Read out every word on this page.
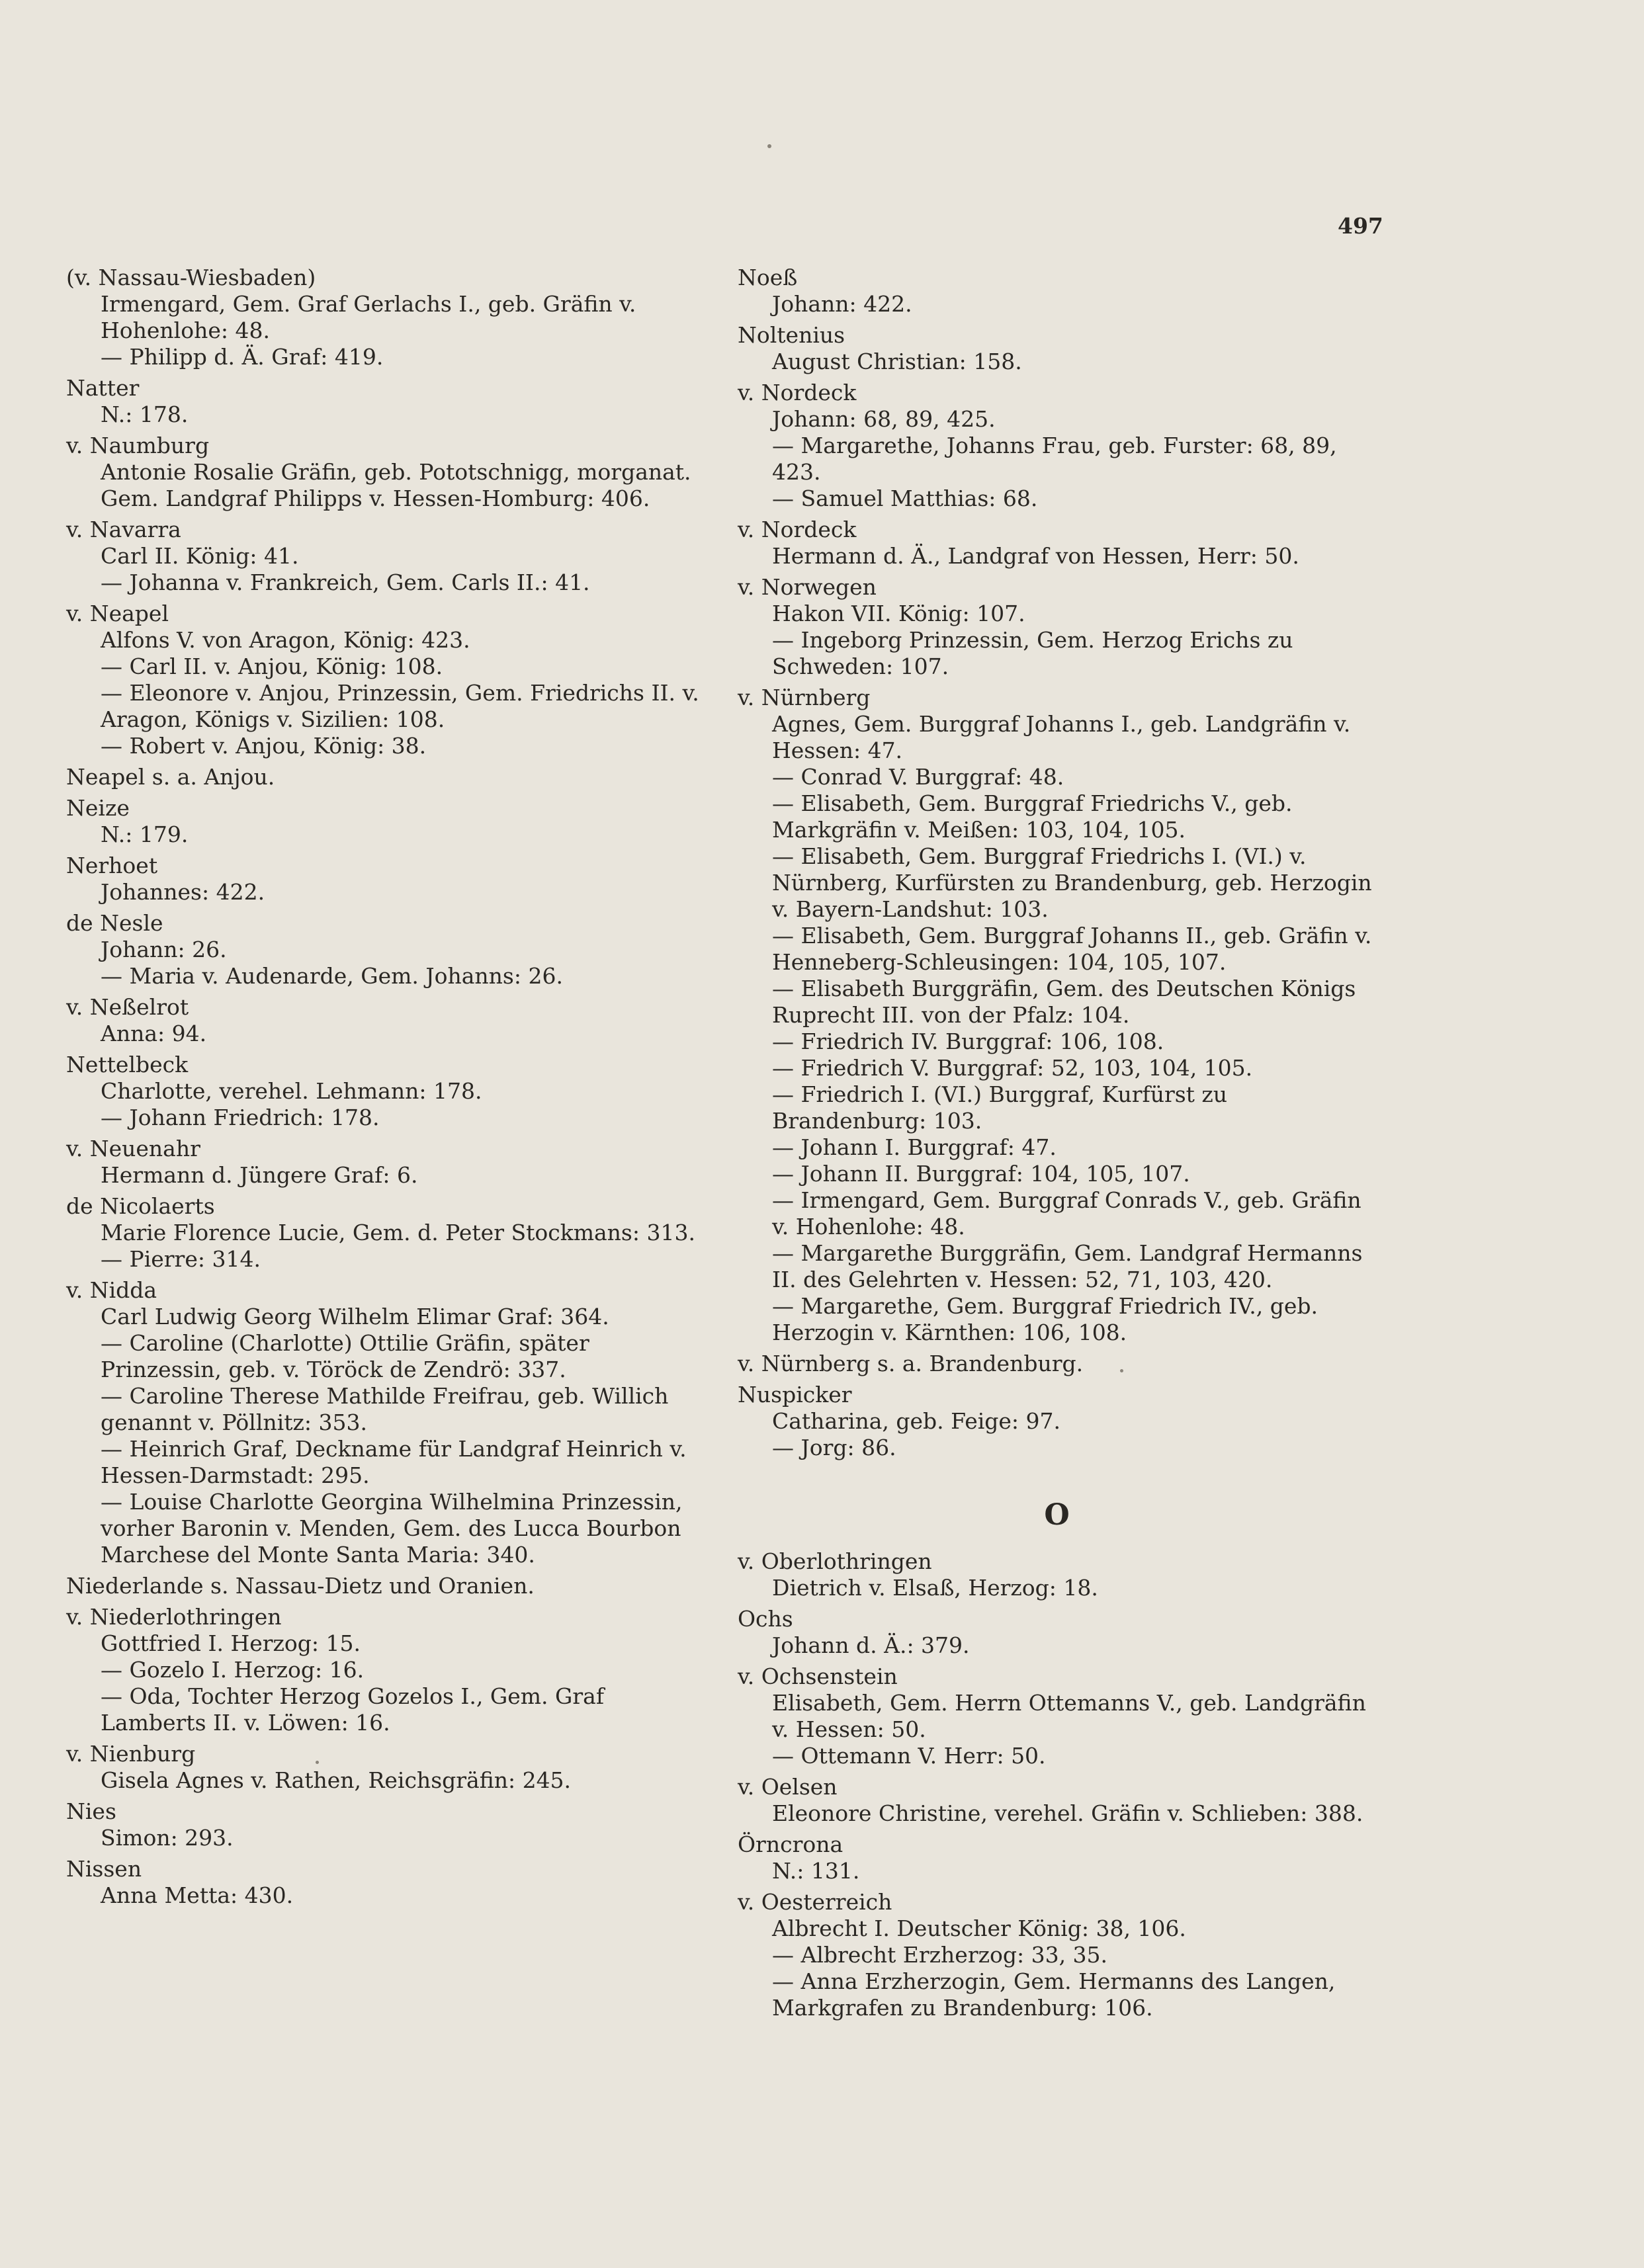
497
(v. Nassau-Wiesbaden)
Irmengard, Gem. Graf Gerlachs I., geb. Gräfin v. Hohenlohe: 48.
— Philipp d. Ä. Graf: 419.
Natter
N.: 178.
v. Naumburg
Antonie Rosalie Gräfin, geb. Pototschnigg, morganat. Gem. Landgraf Philipps v. Hessen-Homburg: 406.
v. Navarra
Carl II. König: 41.
— Johanna v. Frankreich, Gem. Carls II.: 41.
v. Neapel
Alfons V. von Aragon, König: 423.
— Carl II. v. Anjou, König: 108.
— Eleonore v. Anjou, Prinzessin, Gem. Friedrichs II. v. Aragon, Königs v. Sizilien: 108.
— Robert v. Anjou, König: 38.
Neapel s. a. Anjou.
Neize
N.: 179.
Nerhoet
Johannes: 422.
de Nesle
Johann: 26.
— Maria v. Audenarde, Gem. Johanns: 26.
v. Neßelrot
Anna: 94.
Nettelbeck
Charlotte, verehel. Lehmann: 178.
— Johann Friedrich: 178.
v. Neuenahr
Hermann d. Jüngere Graf: 6.
de Nicolaerts
Marie Florence Lucie, Gem. d. Peter Stockmans: 313.
— Pierre: 314.
v. Nidda
Carl Ludwig Georg Wilhelm Elimar Graf: 364.
— Caroline (Charlotte) Ottilie Gräfin, später Prinzessin, geb. v. Töröck de Zendrö: 337.
— Caroline Therese Mathilde Freifrau, geb. Willich genannt v. Pöllnitz: 353.
— Heinrich Graf, Deckname für Landgraf Heinrich v. Hessen-Darmstadt: 295.
— Louise Charlotte Georgina Wilhelmina Prinzessin, vorher Baronin v. Menden, Gem. des Lucca Bourbon Marchese del Monte Santa Maria: 340.
Niederlande s. Nassau-Dietz und Oranien.
v. Niederlothringen
Gottfried I. Herzog: 15.
— Gozelo I. Herzog: 16.
— Oda, Tochter Herzog Gozelos I., Gem. Graf Lamberts II. v. Löwen: 16.
v. Nienburg
Gisela Agnes v. Rathen, Reichsgräfin: 245.
Nies
Simon: 293.
Nissen
Anna Metta: 430.
Noeß
Johann: 422.
Noltenius
August Christian: 158.
v. Nordeck
Johann: 68, 89, 425.
— Margarethe, Johanns Frau, geb. Furster: 68, 89, 423.
— Samuel Matthias: 68.
v. Nordeck
Hermann d. Ä., Landgraf von Hessen, Herr: 50.
v. Norwegen
Hakon VII. König: 107.
— Ingeborg Prinzessin, Gem. Herzog Erichs zu Schweden: 107.
v. Nürnberg
Agnes, Gem. Burggraf Johanns I., geb. Landgräfin v. Hessen: 47.
— Conrad V. Burggraf: 48.
— Elisabeth, Gem. Burggraf Friedrichs V., geb. Markgräfin v. Meißen: 103, 104, 105.
— Elisabeth, Gem. Burggraf Friedrichs I. (VI.) v. Nürnberg, Kurfürsten zu Brandenburg, geb. Herzogin v. Bayern-Landshut: 103.
— Elisabeth, Gem. Burggraf Johanns II., geb. Gräfin v. Henneberg-Schleusingen: 104, 105, 107.
— Elisabeth Burggräfin, Gem. des Deutschen Königs Ruprecht III. von der Pfalz: 104.
— Friedrich IV. Burggraf: 106, 108.
— Friedrich V. Burggraf: 52, 103, 104, 105.
— Friedrich I. (VI.) Burggraf, Kurfürst zu Brandenburg: 103.
— Johann I. Burggraf: 47.
— Johann II. Burggraf: 104, 105, 107.
— Irmengard, Gem. Burggraf Conrads V., geb. Gräfin v. Hohenlohe: 48.
— Margarethe Burggräfin, Gem. Landgraf Hermanns II. des Gelehrten v. Hessen: 52, 71, 103, 420.
— Margarethe, Gem. Burggraf Friedrich IV., geb. Herzogin v. Kärnthen: 106, 108.
v. Nürnberg s. a. Brandenburg.
Nuspicker
Catharina, geb. Feige: 97.
— Jorg: 86.
O
v. Oberlothringen
Dietrich v. Elsaß, Herzog: 18.
Ochs
Johann d. Ä.: 379.
v. Ochsenstein
Elisabeth, Gem. Herrn Ottemanns V., geb. Landgräfin v. Hessen: 50.
— Ottemann V. Herr: 50.
v. Oelsen
Eleonore Christine, verehel. Gräfin v. Schlieben: 388.
Örncrona
N.: 131.
v. Oesterreich
Albrecht I. Deutscher König: 38, 106.
— Albrecht Erzherzog: 33, 35.
— Anna Erzherzogin, Gem. Hermanns des Langen, Markgrafen zu Brandenburg: 106.
